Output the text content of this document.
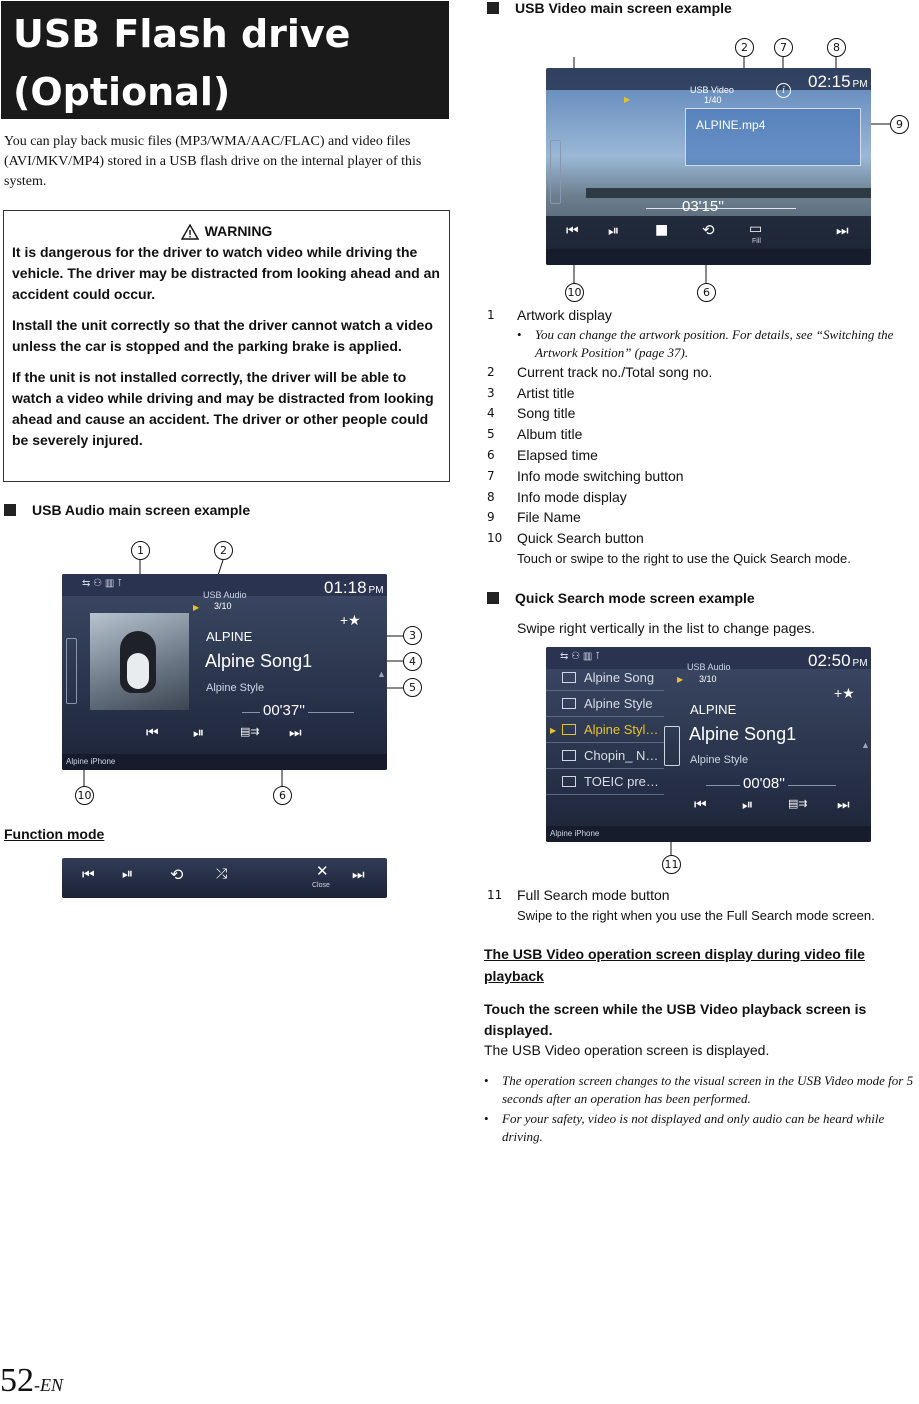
USB Flash drive
(Optional)
You can play back music files (MP3/WMA/AAC/FLAC) and video files (AVI/MKV/MP4) stored in a USB flash drive on the internal player of this system.

WARNING

It is dangerous for the driver to watch video while driving the vehicle. The driver may be distracted from looking ahead and an accident could occur.

Install the unit correctly so that the driver cannot watch a video unless the car is stopped and the parking brake is applied.

If the unit is not installed correctly, the driver will be able to watch a video while driving and may be distracted from looking ahead and cause an accident. The driver or other people could be severely injured.

USB Audio main screen example
1	2
3
4
5
10	6
⇆ ⚇ ▥ ⊺	01:18 PM
USB Audio
3/10
▶
+★
ALPINE
Alpine Song1
Alpine Style
▲
00'37''
⏮ ⏯	▤⇉ ⏭
Alpine iPhone
Function mode
⏮ ⏯ ⟲ ⤮	✕
Close
⏭
USB Video main screen example
2	7	8
9
10	6
02:15 PM
USB Video
1/40
▶
i
ALPINE.mp4
03'15''
⏮ ⏯	■ ⟲ ▭
Fill
⏭
1	Artwork display
•	You can change the artwork position. For details, see “Switching the Artwork Position” (page 37).
2	Current track no./Total song no.
3	Artist title
4	Song title
5	Album title
6	Elapsed time
7	Info mode switching button
8	Info mode display
9	File Name
10	Quick Search button
Touch or swipe to the right to use the Quick Search mode.
Quick Search mode screen example
Swipe right vertically in the list to change pages.
⇆ ⚇ ▥ ⊺	02:50 PM
Alpine Song
Alpine Style
Alpine Styl…
Chopin_ N…
TOEIC pre…
▶
USB Audio
3/10
▶
+★
ALPINE
Alpine Song1
Alpine Style
▲
00'08''
⏮	⏯	▤⇉ ⏭
Alpine iPhone
11
11	Full Search mode button
Swipe to the right when you use the Full Search mode screen.
The USB Video operation screen display during video file playback
Touch the screen while the USB Video playback screen is displayed.
The USB Video operation screen is displayed.
•	The operation screen changes to the visual screen in the USB Video mode for 5 seconds after an operation has been performed.
•	For your safety, video is not displayed and only audio can be heard while driving.
52-EN
